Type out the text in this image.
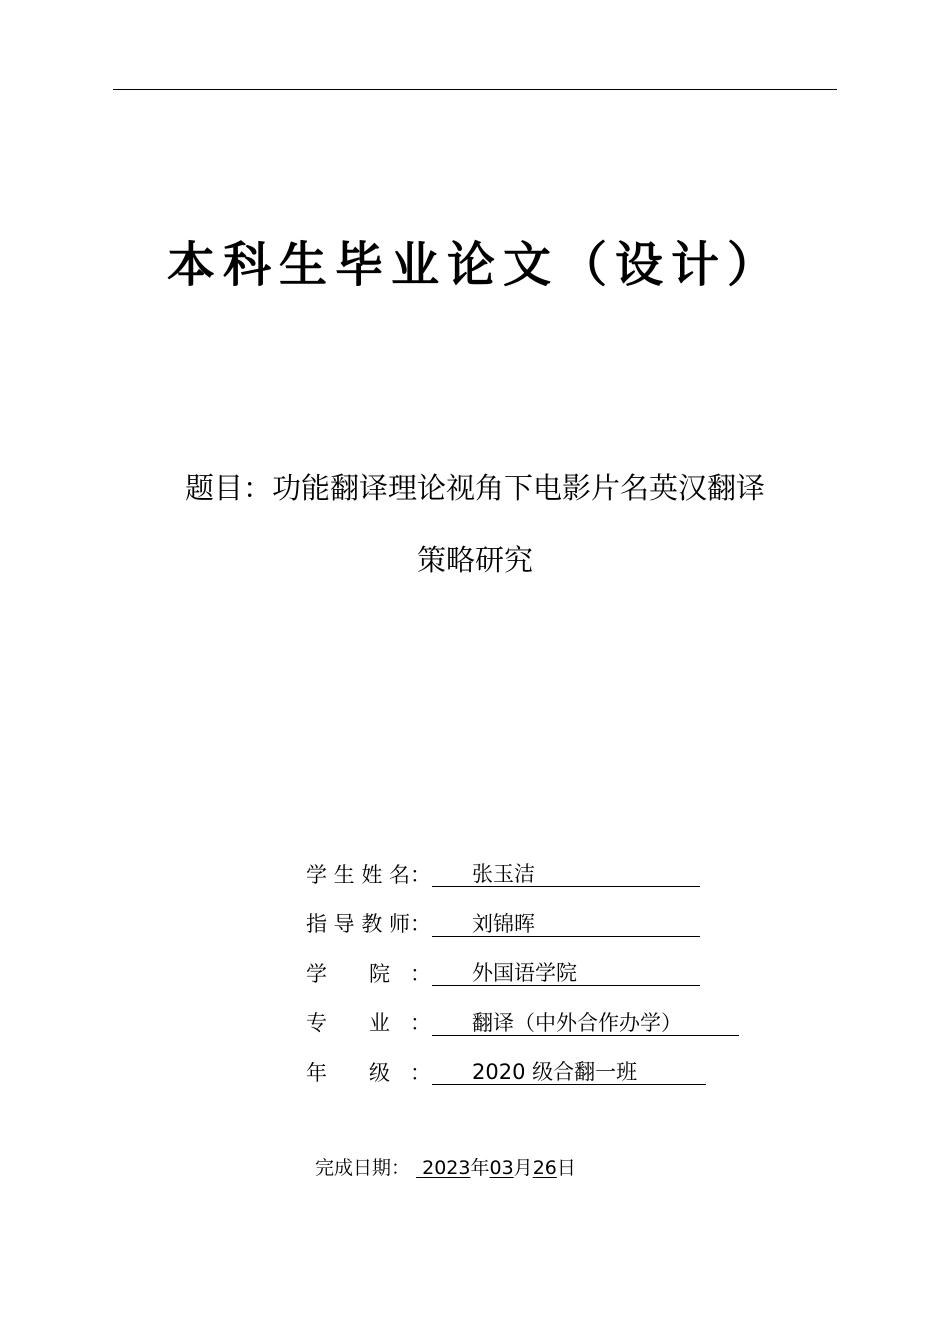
本科生毕业论文（设计）
题目：功能翻译理论视角下电影片名英汉翻译
策略研究
学 生 姓 名 ：	张玉洁
指 导 教 师 ：	刘锦晖
学 院 ：	外国语学院
专 业 ：	翻译（中外合作办学）
年 级 ：	2020 级合翻一班
完成日期： 2023年03月26日
